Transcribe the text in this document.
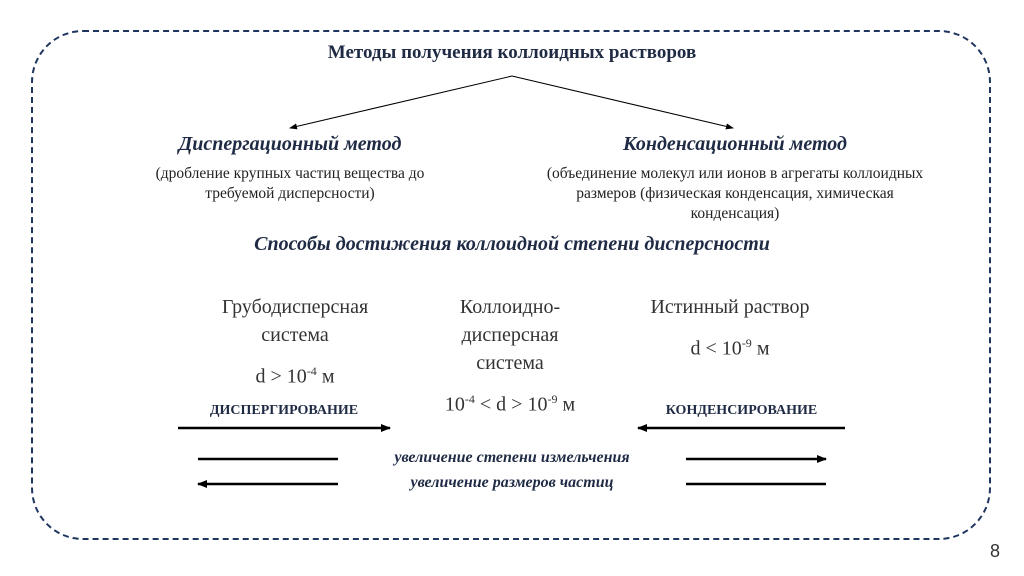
Методы получения коллоидных растворов
Диспергационный метод
(дробление крупных частиц вещества до
требуемой дисперсности)
Конденсационный метод
(объединение молекул или ионов в агрегаты коллоидных
размеров (физическая конденсация, химическая
конденсация)
Способы достижения коллоидной степени дисперсности
Грубодисперсная
система
$d > 10^{-4}$ м
Коллоидно-
дисперсная
система
$10^{-4} < d > 10^{-9}$ м
Истинный раствор
$d < 10^{-9}$ м
ДИСПЕРГИРОВАНИЕ	КОНДЕНСИРОВАНИЕ
увеличение степени измельчения
увеличение размеров частиц
8
